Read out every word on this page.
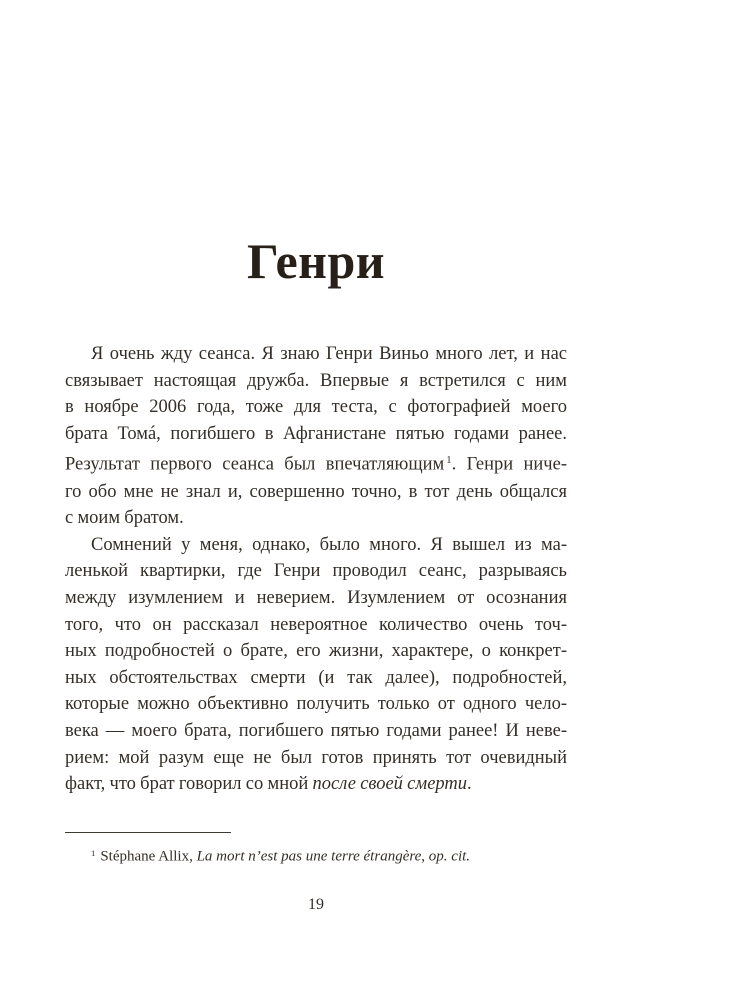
Генри
Я очень жду сеанса. Я знаю Генри Виньо много лет, и нас
связывает настоящая дружба. Впервые я встретился с ним
в ноябре 2006 года, тоже для теста, с фотографией моего
брата Томá, погибшего в Афганистане пятью годами ранее.
Результат первого сеанса был впечатляющим $^1$. Генри ниче-
го обо мне не знал и, совершенно точно, в тот день общался
с моим братом.
Сомнений у меня, однако, было много. Я вышел из ма-
ленькой квартирки, где Генри проводил сеанс, разрываясь
между изумлением и неверием. Изумлением от осознания
того, что он рассказал невероятное количество очень точ-
ных подробностей о брате, его жизни, характере, о конкрет-
ных обстоятельствах смерти (и так далее), подробностей,
которые можно объективно получить только от одного чело-
века — моего брата, погибшего пятью годами ранее! И неве-
рием: мой разум еще не был готов принять тот очевидный
факт, что брат говорил со мной после своей смерти.
$^1$ Stéphane Allix, La mort n’est pas une terre étrangère, op. cit.
19
